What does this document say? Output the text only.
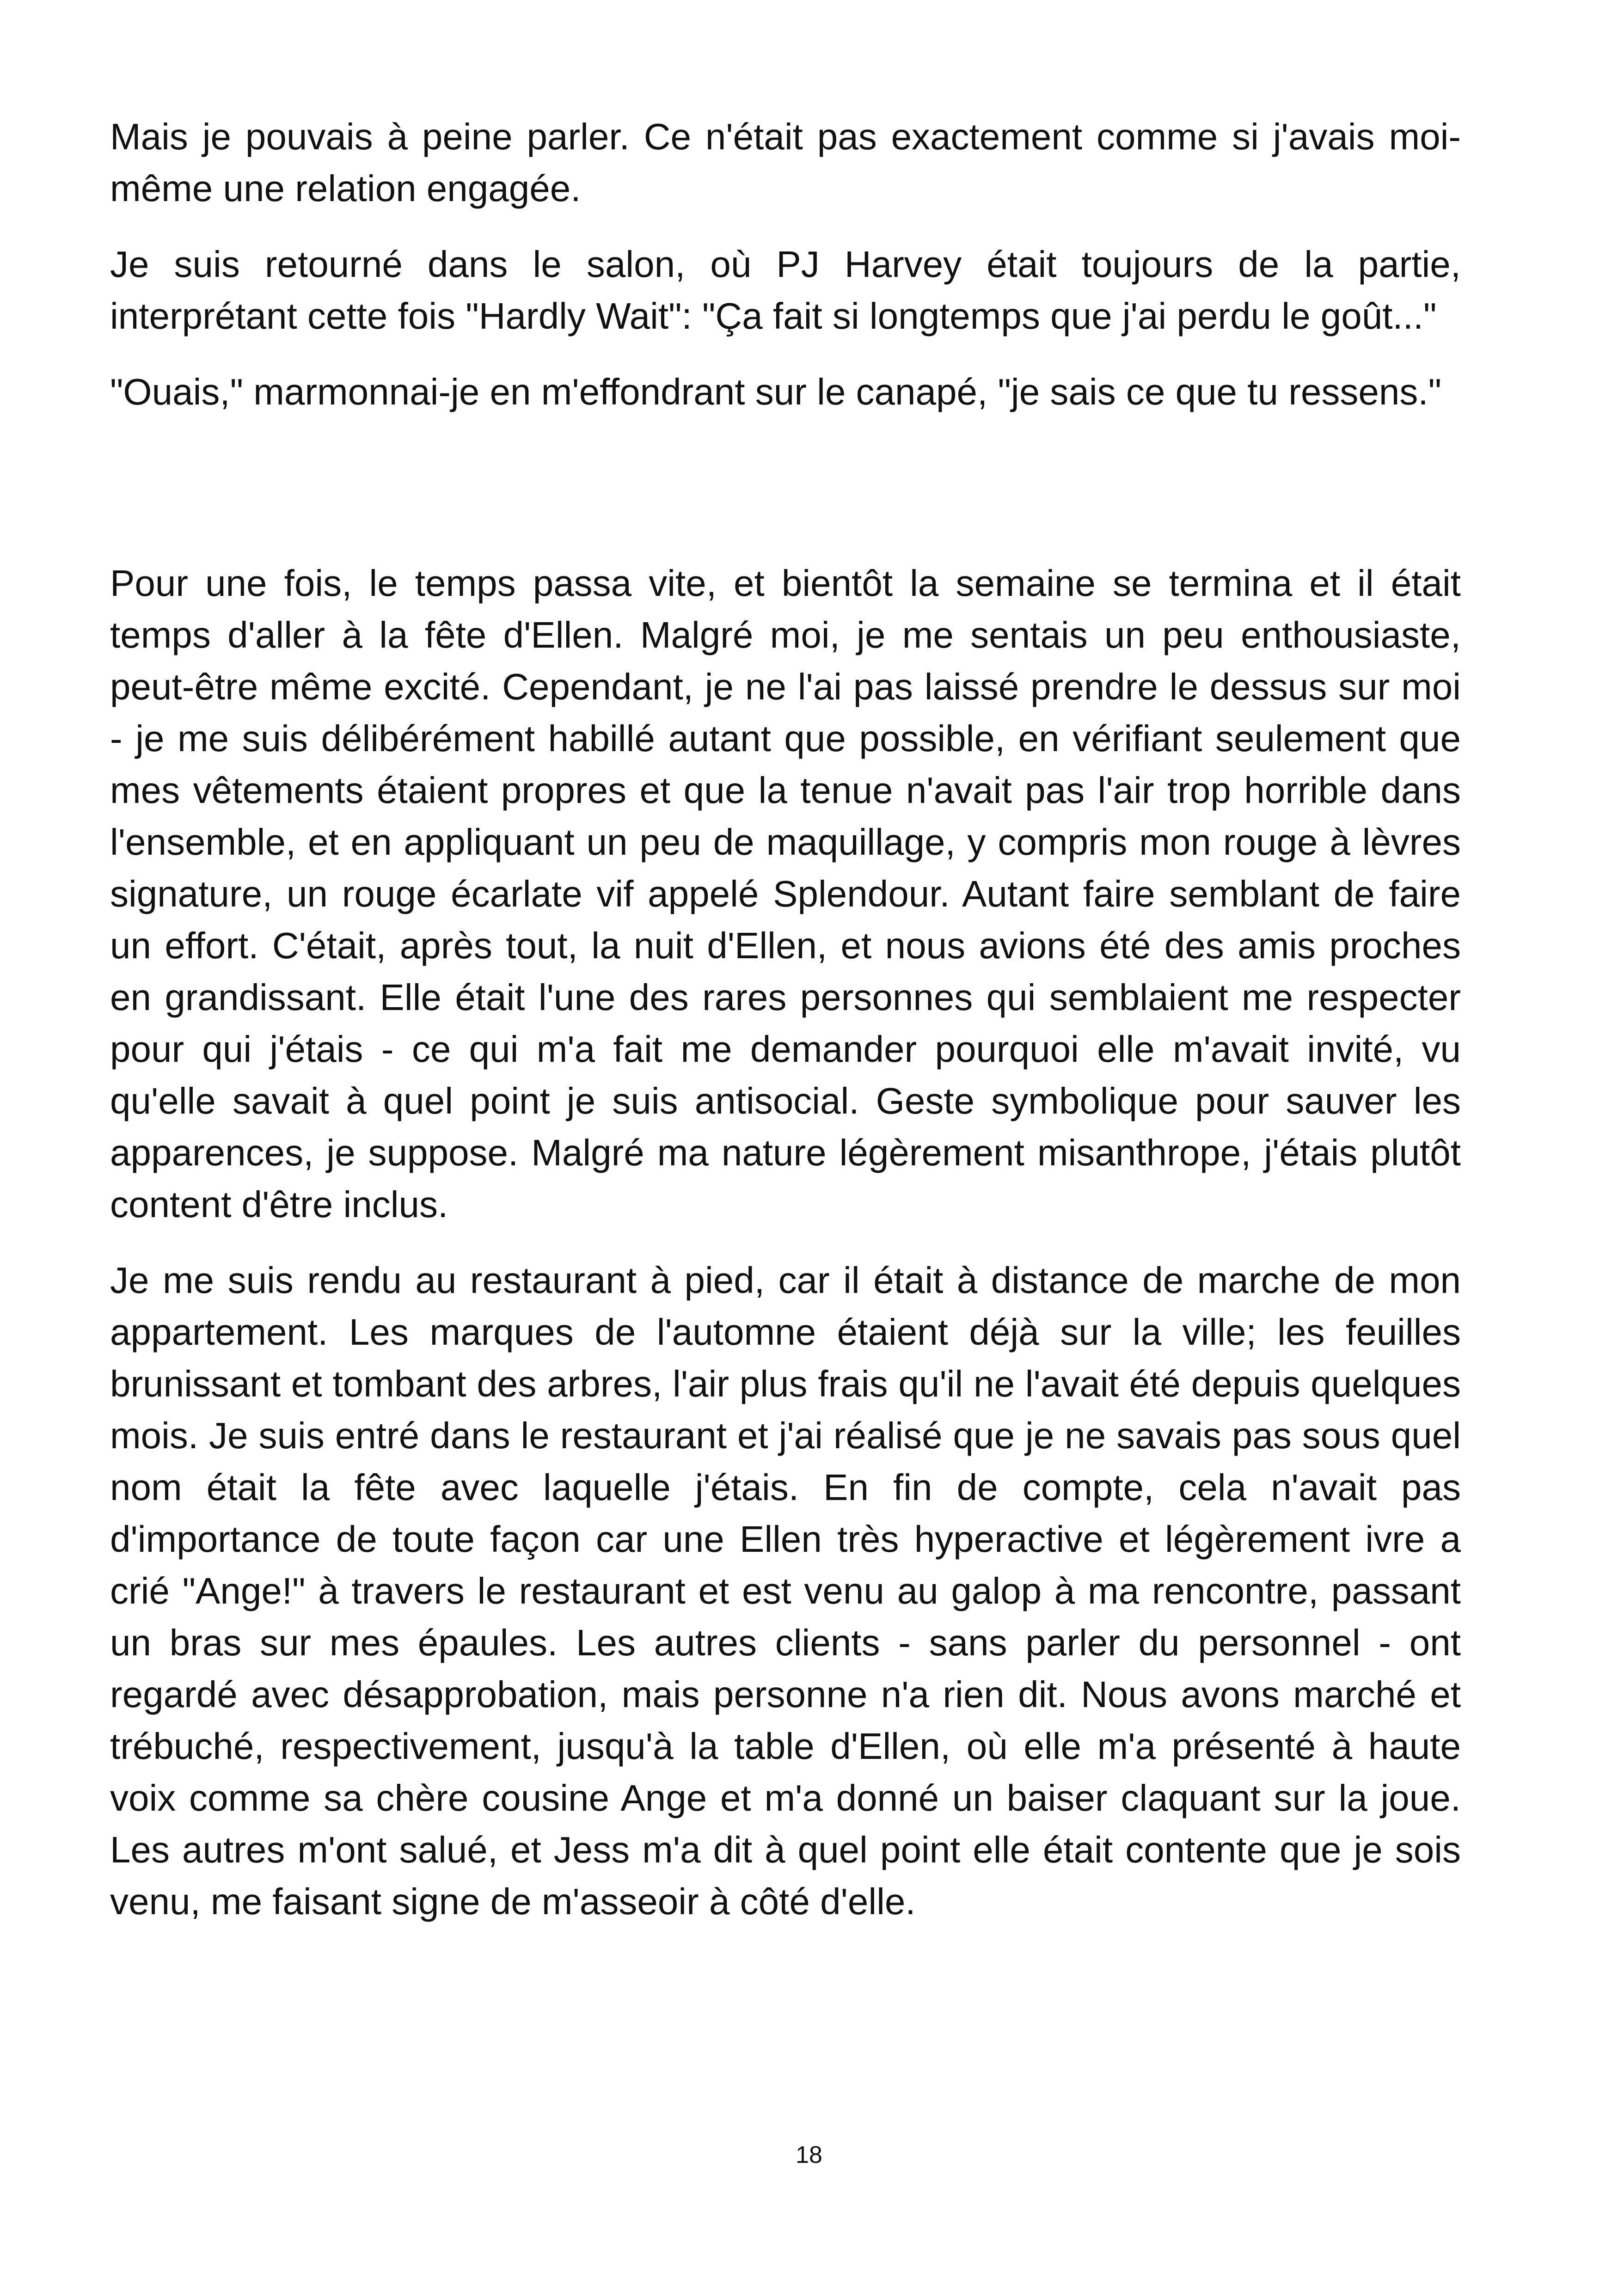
Mais je pouvais à peine parler. Ce n'était pas exactement comme si j'avais moi-même une relation engagée.

Je suis retourné dans le salon, où PJ Harvey était toujours de la partie, interprétant cette fois "Hardly Wait": "Ça fait si longtemps que j'ai perdu le goût..."

"Ouais," marmonnai-je en m'effondrant sur le canapé, "je sais ce que tu ressens."

Pour une fois, le temps passa vite, et bientôt la semaine se termina et il était temps d'aller à la fête d'Ellen. Malgré moi, je me sentais un peu enthousiaste, peut-être même excité. Cependant, je ne l'ai pas laissé prendre le dessus sur moi - je me suis délibérément habillé autant que possible, en vérifiant seulement que mes vêtements étaient propres et que la tenue n'avait pas l'air trop horrible dans l'ensemble, et en appliquant un peu de maquillage, y compris mon rouge à lèvres signature, un rouge écarlate vif appelé Splendour. Autant faire semblant de faire un effort. C'était, après tout, la nuit d'Ellen, et nous avions été des amis proches en grandissant. Elle était l'une des rares personnes qui semblaient me respecter pour qui j'étais - ce qui m'a fait me demander pourquoi elle m'avait invité, vu qu'elle savait à quel point je suis antisocial. Geste symbolique pour sauver les apparences, je suppose. Malgré ma nature légèrement misanthrope, j'étais plutôt content d'être inclus.

Je me suis rendu au restaurant à pied, car il était à distance de marche de mon appartement. Les marques de l'automne étaient déjà sur la ville; les feuilles brunissant et tombant des arbres, l'air plus frais qu'il ne l'avait été depuis quelques mois. Je suis entré dans le restaurant et j'ai réalisé que je ne savais pas sous quel nom était la fête avec laquelle j'étais. En fin de compte, cela n'avait pas d'importance de toute façon car une Ellen très hyperactive et légèrement ivre a crié "Ange!" à travers le restaurant et est venu au galop à ma rencontre, passant un bras sur mes épaules. Les autres clients - sans parler du personnel - ont regardé avec désapprobation, mais personne n'a rien dit. Nous avons marché et trébuché, respectivement, jusqu'à la table d'Ellen, où elle m'a présenté à haute voix comme sa chère cousine Ange et m'a donné un baiser claquant sur la joue. Les autres m'ont salué, et Jess m'a dit à quel point elle était contente que je sois venu, me faisant signe de m'asseoir à côté d'elle.

18
